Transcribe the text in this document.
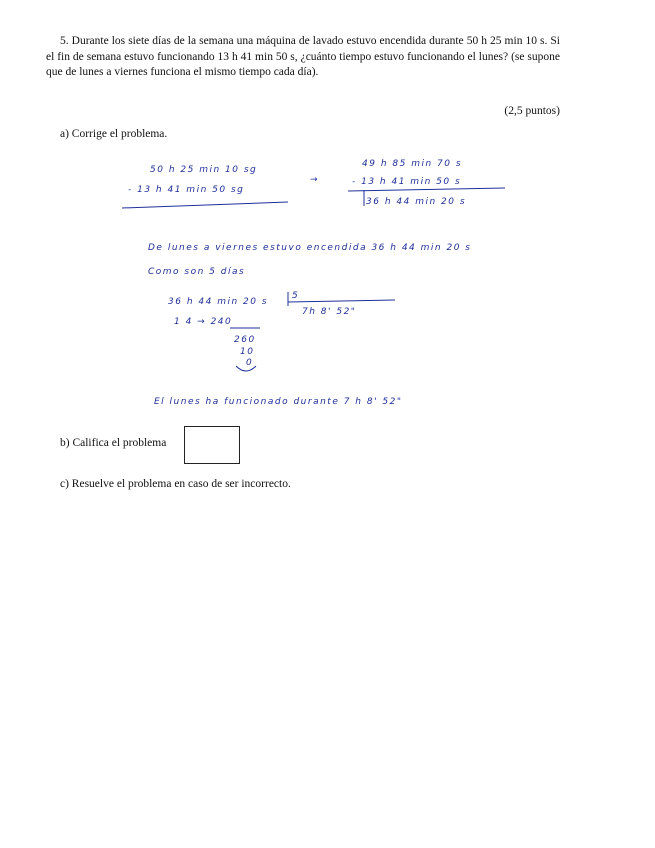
5. Durante los siete días de la semana una máquina de lavado estuvo encendida durante 50 h 25 min 10 s. Si el fin de semana estuvo funcionando 13 h 41 min 50 s, ¿cuánto tiempo estuvo funcionando el lunes? (se supone que de lunes a viernes funciona el mismo tiempo cada día).

(2,5 puntos)
a) Corrige el problema.
50 h 25 min 10 sg
- 13 h 41 min 50 sg
→
49 h 85 min 70 s
- 13 h 41 min 50 s
36 h 44 min 20 s
De lunes a viernes estuvo encendida 36 h 44 min 20 s
Como son 5 días
36 h 44 min 20 s
5
7h 8' 52"
1 4 → 240
260
10
0
El lunes ha funcionado durante 7 h 8' 52"
b) Califica el problema
c) Resuelve el problema en caso de ser incorrecto.
